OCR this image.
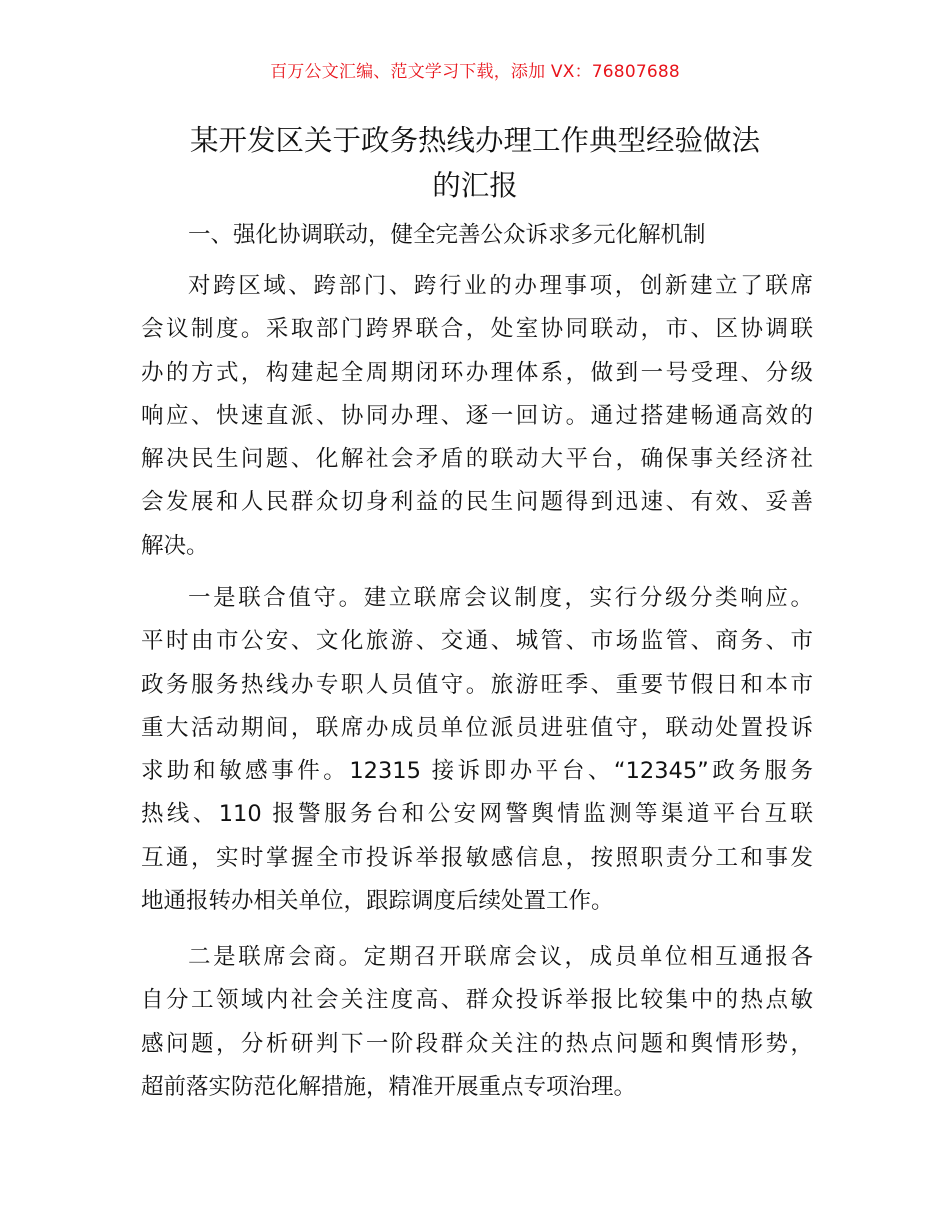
百万公文汇编、范文学习下载，添加 VX：76807688
某开发区关于政务热线办理工作典型经验做法
的汇报
一、强化协调联动，健全完善公众诉求多元化解机制
对跨区域、跨部门、跨行业的办理事项，创新建立了联席
会议制度。采取部门跨界联合，处室协同联动，市、区协调联
办的方式，构建起全周期闭环办理体系，做到一号受理、分级
响应、快速直派、协同办理、逐一回访。通过搭建畅通高效的
解决民生问题、化解社会矛盾的联动大平台，确保事关经济社
会发展和人民群众切身利益的民生问题得到迅速、有效、妥善
解决。
一是联合值守。建立联席会议制度，实行分级分类响应。
平时由市公安、文化旅游、交通、城管、市场监管、商务、市
政务服务热线办专职人员值守。旅游旺季、重要节假日和本市
重大活动期间，联席办成员单位派员进驻值守，联动处置投诉
求助和敏感事件。12315 接诉即办平台、“12345”政务服务
热线、110 报警服务台和公安网警舆情监测等渠道平台互联
互通，实时掌握全市投诉举报敏感信息，按照职责分工和事发
地通报转办相关单位，跟踪调度后续处置工作。
二是联席会商。定期召开联席会议，成员单位相互通报各
自分工领域内社会关注度高、群众投诉举报比较集中的热点敏
感问题，分析研判下一阶段群众关注的热点问题和舆情形势，
超前落实防范化解措施，精准开展重点专项治理。
